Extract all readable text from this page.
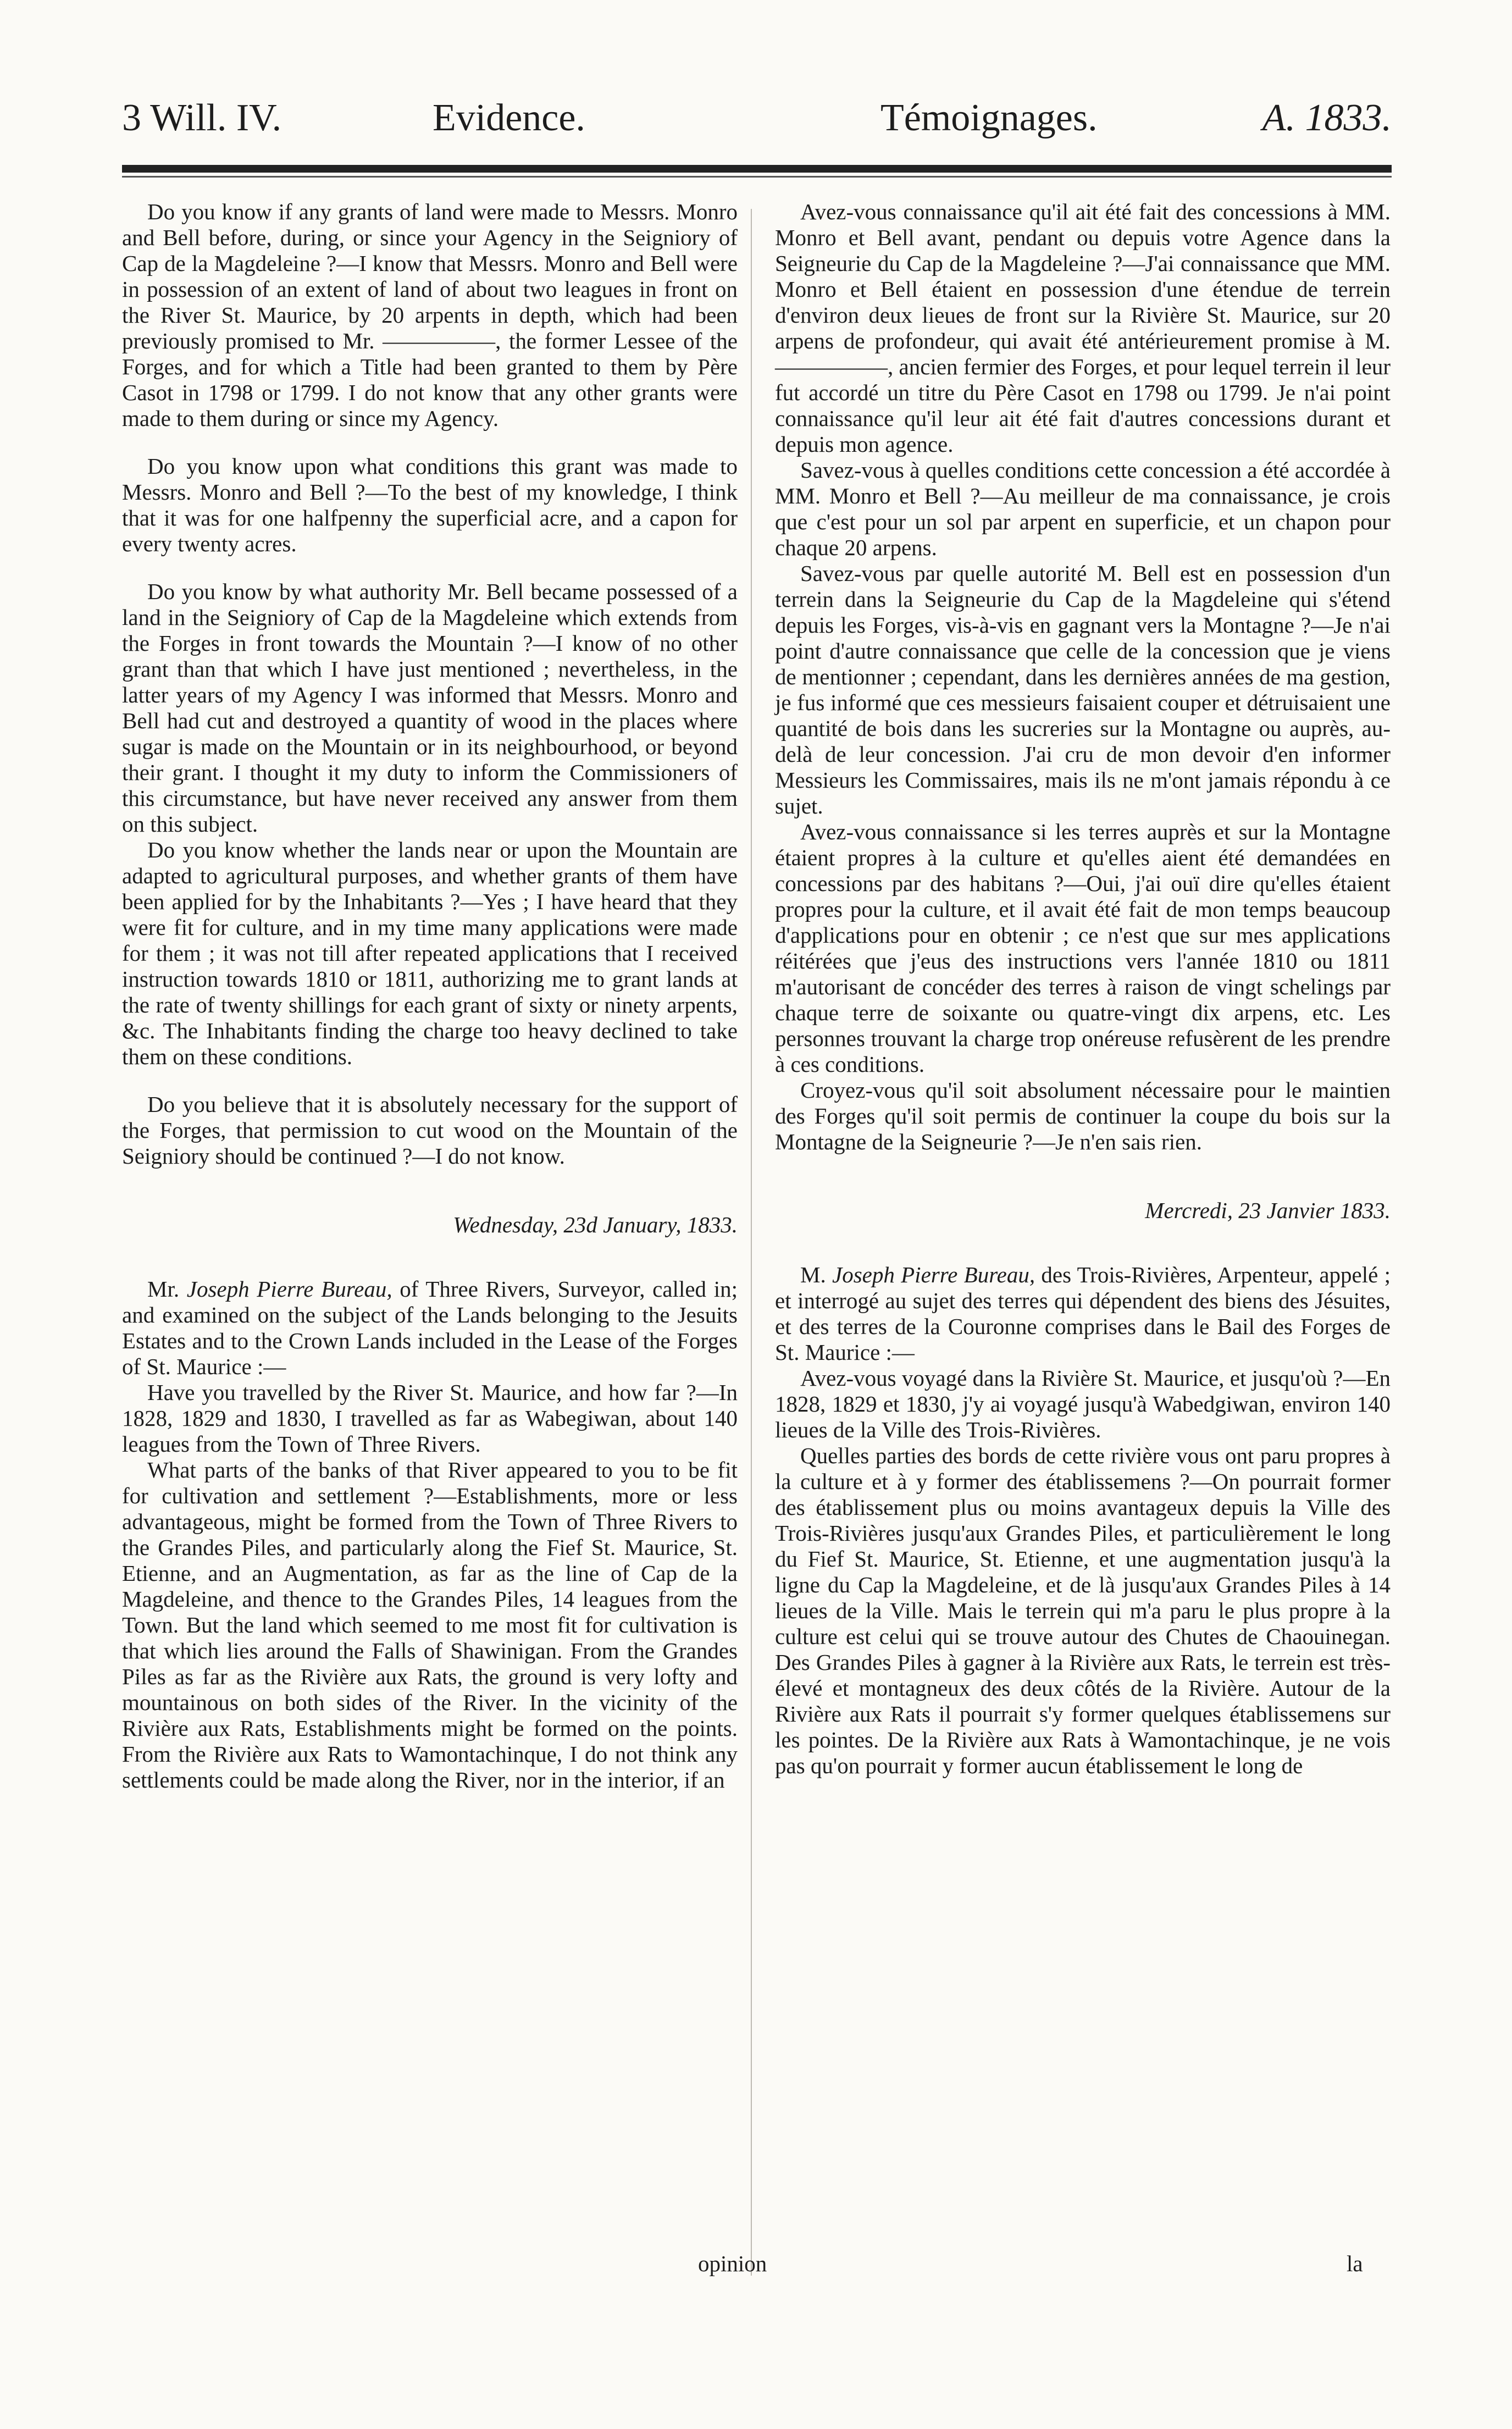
3 Will. IV.	Evidence.	Témoignages.	A. 1833.

Do you know if any grants of land were made to Messrs. Monro and Bell before, during, or since your Agency in the Seigniory of Cap de la Magdeleine ?—I know that Messrs. Monro and Bell were in possession of an extent of land of about two leagues in front on the River St. Maurice, by 20 arpents in depth, which had been previously promised to Mr. —————, the former Lessee of the Forges, and for which a Title had been granted to them by Père Casot in 1798 or 1799. I do not know that any other grants were made to them during or since my Agency.

Do you know upon what conditions this grant was made to Messrs. Monro and Bell ?—To the best of my knowledge, I think that it was for one halfpenny the superficial acre, and a capon for every twenty acres.

Do you know by what authority Mr. Bell became possessed of a land in the Seigniory of Cap de la Magdeleine which extends from the Forges in front towards the Mountain ?—I know of no other grant than that which I have just mentioned ; nevertheless, in the latter years of my Agency I was informed that Messrs. Monro and Bell had cut and destroyed a quantity of wood in the places where sugar is made on the Mountain or in its neighbourhood, or beyond their grant. I thought it my duty to inform the Commissioners of this circumstance, but have never received any answer from them on this subject.

Do you know whether the lands near or upon the Mountain are adapted to agricultural purposes, and whether grants of them have been applied for by the Inhabitants ?—Yes ; I have heard that they were fit for culture, and in my time many applications were made for them ; it was not till after repeated applications that I received instruction towards 1810 or 1811, authorizing me to grant lands at the rate of twenty shillings for each grant of sixty or ninety arpents, &c. The Inhabitants finding the charge too heavy declined to take them on these conditions.

Do you believe that it is absolutely necessary for the support of the Forges, that permission to cut wood on the Mountain of the Seigniory should be continued ?—I do not know.

Wednesday, 23d January, 1833.

Mr. Joseph Pierre Bureau, of Three Rivers, Surveyor, called in; and examined on the subject of the Lands belonging to the Jesuits Estates and to the Crown Lands included in the Lease of the Forges of St. Maurice :—

Have you travelled by the River St. Maurice, and how far ?—In 1828, 1829 and 1830, I travelled as far as Wabegiwan, about 140 leagues from the Town of Three Rivers.

What parts of the banks of that River appeared to you to be fit for cultivation and settlement ?—Establishments, more or less advantageous, might be formed from the Town of Three Rivers to the Grandes Piles, and particularly along the Fief St. Maurice, St. Etienne, and an Augmentation, as far as the line of Cap de la Magdeleine, and thence to the Grandes Piles, 14 leagues from the Town. But the land which seemed to me most fit for cultivation is that which lies around the Falls of Shawinigan. From the Grandes Piles as far as the Rivière aux Rats, the ground is very lofty and mountainous on both sides of the River. In the vicinity of the Rivière aux Rats, Establishments might be formed on the points. From the Rivière aux Rats to Wamontachinque, I do not think any settlements could be made along the River, nor in the interior, if an

opinion

Avez-vous connaissance qu'il ait été fait des concessions à MM. Monro et Bell avant, pendant ou depuis votre Agence dans la Seigneurie du Cap de la Magdeleine ?—J'ai connaissance que MM. Monro et Bell étaient en possession d'une étendue de terrein d'environ deux lieues de front sur la Rivière St. Maurice, sur 20 arpens de profondeur, qui avait été antérieurement promise à M. —————, ancien fermier des Forges, et pour lequel terrein il leur fut accordé un titre du Père Casot en 1798 ou 1799. Je n'ai point connaissance qu'il leur ait été fait d'autres concessions durant et depuis mon agence.

Savez-vous à quelles conditions cette concession a été accordée à MM. Monro et Bell ?—Au meilleur de ma connaissance, je crois que c'est pour un sol par arpent en superficie, et un chapon pour chaque 20 arpens.

Savez-vous par quelle autorité M. Bell est en possession d'un terrein dans la Seigneurie du Cap de la Magdeleine qui s'étend depuis les Forges, vis-à-vis en gagnant vers la Montagne ?—Je n'ai point d'autre connaissance que celle de la concession que je viens de mentionner ; cependant, dans les dernières années de ma gestion, je fus informé que ces messieurs faisaient couper et détruisaient une quantité de bois dans les sucreries sur la Montagne ou auprès, au-delà de leur concession. J'ai cru de mon devoir d'en informer Messieurs les Commissaires, mais ils ne m'ont jamais répondu à ce sujet.

Avez-vous connaissance si les terres auprès et sur la Montagne étaient propres à la culture et qu'elles aient été demandées en concessions par des habitans ?—Oui, j'ai ouï dire qu'elles étaient propres pour la culture, et il avait été fait de mon temps beaucoup d'applications pour en obtenir ; ce n'est que sur mes applications réitérées que j'eus des instructions vers l'année 1810 ou 1811 m'autorisant de concéder des terres à raison de vingt schelings par chaque terre de soixante ou quatre-vingt dix arpens, etc. Les personnes trouvant la charge trop onéreuse refusèrent de les prendre à ces conditions.

Croyez-vous qu'il soit absolument nécessaire pour le maintien des Forges qu'il soit permis de continuer la coupe du bois sur la Montagne de la Seigneurie ?—Je n'en sais rien.

Mercredi, 23 Janvier 1833.

M. Joseph Pierre Bureau, des Trois-Rivières, Arpenteur, appelé ; et interrogé au sujet des terres qui dépendent des biens des Jésuites, et des terres de la Couronne comprises dans le Bail des Forges de St. Maurice :—

Avez-vous voyagé dans la Rivière St. Maurice, et jusqu'où ?—En 1828, 1829 et 1830, j'y ai voyagé jusqu'à Wabedgiwan, environ 140 lieues de la Ville des Trois-Rivières.

Quelles parties des bords de cette rivière vous ont paru propres à la culture et à y former des établissemens ?—On pourrait former des établissement plus ou moins avantageux depuis la Ville des Trois-Rivières jusqu'aux Grandes Piles, et particulièrement le long du Fief St. Maurice, St. Etienne, et une augmentation jusqu'à la ligne du Cap la Magdeleine, et de là jusqu'aux Grandes Piles à 14 lieues de la Ville. Mais le terrein qui m'a paru le plus propre à la culture est celui qui se trouve autour des Chutes de Chaouinegan. Des Grandes Piles à gagner à la Rivière aux Rats, le terrein est très-élevé et montagneux des deux côtés de la Rivière. Autour de la Rivière aux Rats il pourrait s'y former quelques établissemens sur les pointes. De la Rivière aux Rats à Wamontachinque, je ne vois pas qu'on pourrait y former aucun établissement le long de

la
